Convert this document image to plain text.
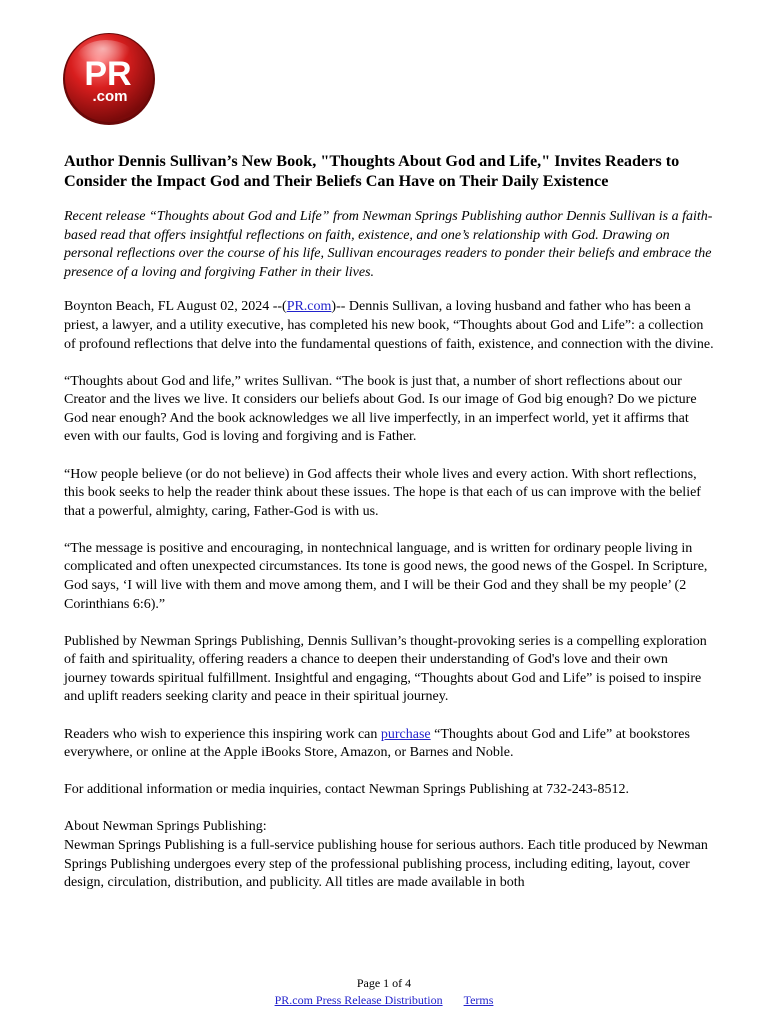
PR
.com
Author Dennis Sullivan’s New Book, "Thoughts About God and Life," Invites Readers to Consider the Impact God and Their Beliefs Can Have on Their Daily Existence

Recent release “Thoughts about God and Life” from Newman Springs Publishing author Dennis Sullivan is a faith-based read that offers insightful reflections on faith, existence, and one’s relationship with God. Drawing on personal reflections over the course of his life, Sullivan encourages readers to ponder their beliefs and embrace the presence of a loving and forgiving Father in their lives.

Boynton Beach, FL August 02, 2024 --(PR.com)-- Dennis Sullivan, a loving husband and father who has been a priest, a lawyer, and a utility executive, has completed his new book, “Thoughts about God and Life”: a collection of profound reflections that delve into the fundamental questions of faith, existence, and connection with the divine.

“Thoughts about God and life,” writes Sullivan. “The book is just that, a number of short reflections about our Creator and the lives we live. It considers our beliefs about God. Is our image of God big enough? Do we picture God near enough? And the book acknowledges we all live imperfectly, in an imperfect world, yet it affirms that even with our faults, God is loving and forgiving and is Father.

“How people believe (or do not believe) in God affects their whole lives and every action. With short reflections, this book seeks to help the reader think about these issues. The hope is that each of us can improve with the belief that a powerful, almighty, caring, Father-God is with us.

“The message is positive and encouraging, in nontechnical language, and is written for ordinary people living in complicated and often unexpected circumstances. Its tone is good news, the good news of the Gospel. In Scripture, God says, ‘I will live with them and move among them, and I will be their God and they shall be my people’ (2 Corinthians 6:6).”

Published by Newman Springs Publishing, Dennis Sullivan’s thought-provoking series is a compelling exploration of faith and spirituality, offering readers a chance to deepen their understanding of God's love and their own journey towards spiritual fulfillment. Insightful and engaging, “Thoughts about God and Life” is poised to inspire and uplift readers seeking clarity and peace in their spiritual journey.

Readers who wish to experience this inspiring work can purchase “Thoughts about God and Life” at bookstores everywhere, or online at the Apple iBooks Store, Amazon, or Barnes and Noble.

For additional information or media inquiries, contact Newman Springs Publishing at 732-243-8512.

About Newman Springs Publishing:

Newman Springs Publishing is a full-service publishing house for serious authors. Each title produced by Newman Springs Publishing undergoes every step of the professional publishing process, including editing, layout, cover design, circulation, distribution, and publicity. All titles are made available in both

Page 1 of 4
PR.com Press Release Distribution Terms
